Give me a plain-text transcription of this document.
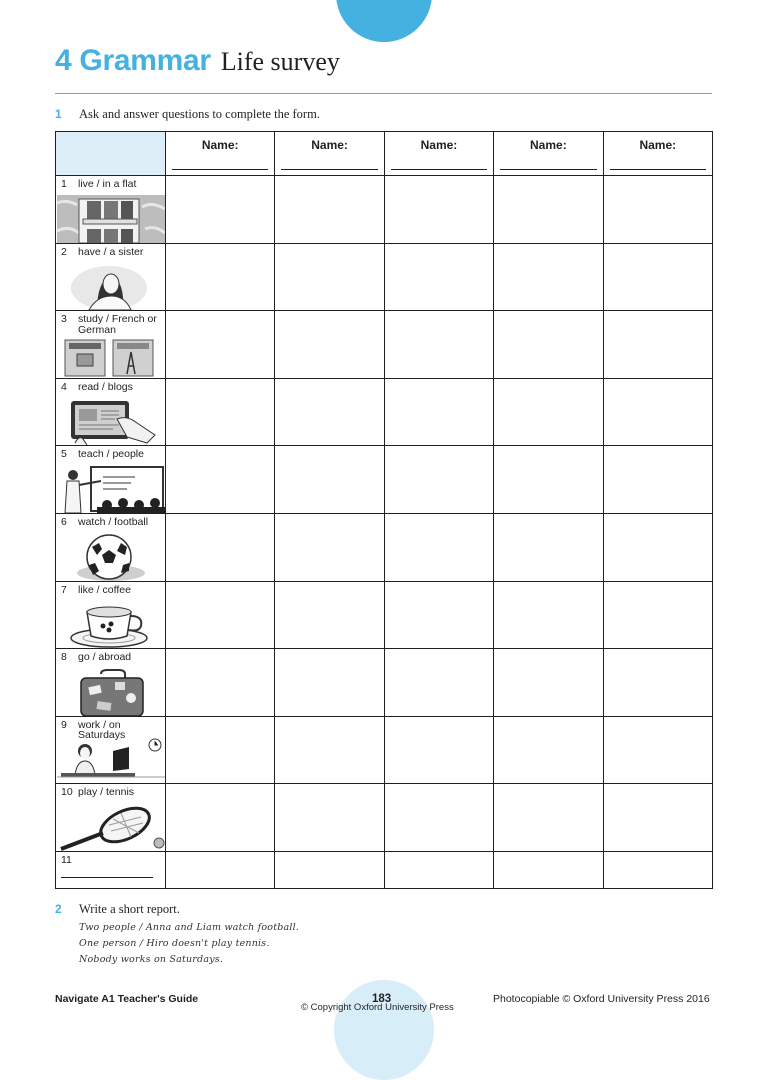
4 Grammar Life survey
1 Ask and answer questions to complete the form.
	Name:	Name:	Name:	Name:	Name:

1 live / in a flat					

2 have / a sister					

3 study / French or German					

4 read / blogs					

5 teach / people					

6 watch / football					

7 like / coffee					

8 go / abroad					

9 work / on Saturdays					

10 play / tennis					

11					

2 Write a short report.
Two people / Anna and Liam watch football.
One person / Hiro doesn't play tennis.
Nobody works on Saturdays.
Navigate A1 Teacher's Guide	183	Photocopiable © Oxford University Press 2016
© Copyright Oxford University Press
